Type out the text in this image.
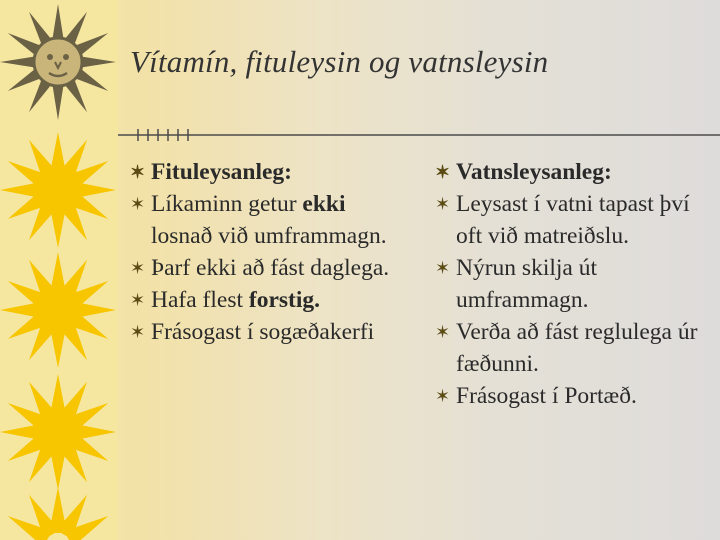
Vítamín, fituleysin og vatnsleysin
✶ Fituleysanleg:
✶ Líkaminn getur ekki losnað við umframmagn.
✶ Þarf ekki að fást daglega.
✶ Hafa flest forstig.
✶ Frásogast í sogæðakerfi
✶ Vatnsleysanleg:
✶ Leysast í vatni tapast því oft við matreiðslu.
✶ Nýrun skilja út umframmagn.
✶ Verða að fást reglulega úr fæðunni.
✶ Frásogast í Portæð.
